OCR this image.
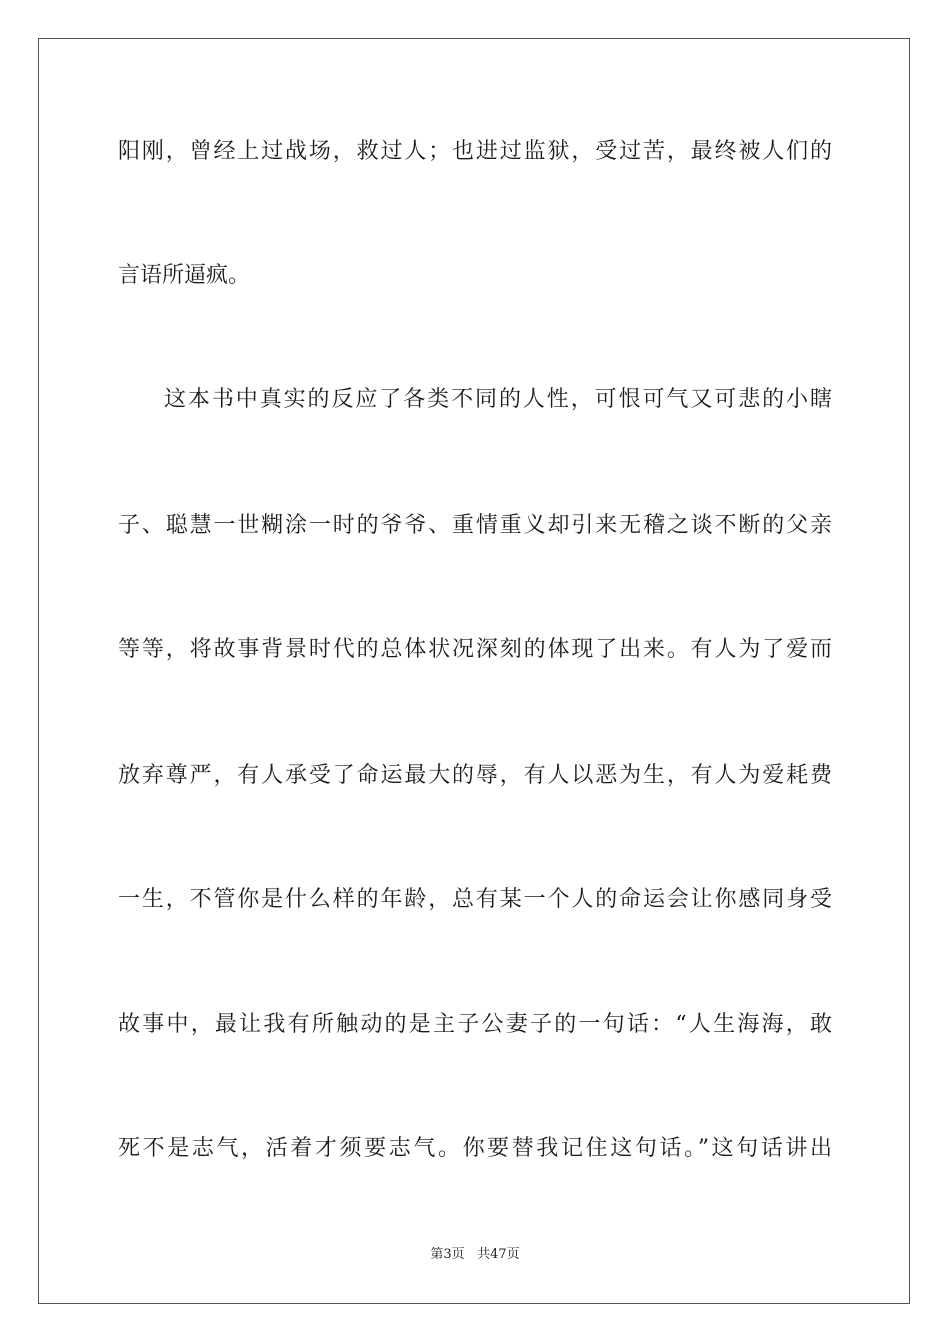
阳刚，曾经上过战场，救过人；也进过监狱，受过苦，最终被人们的
言语所逼疯。
这本书中真实的反应了各类不同的人性，可恨可气又可悲的小瞎
子、聪慧一世糊涂一时的爷爷、重情重义却引来无稽之谈不断的父亲
等等，将故事背景时代的总体状况深刻的体现了出来。有人为了爱而
放弃尊严，有人承受了命运最大的辱，有人以恶为生，有人为爱耗费
一生，不管你是什么样的年龄，总有某一个人的命运会让你感同身受
故事中，最让我有所触动的是主子公妻子的一句话：“人生海海，敢
死不是志气，活着才须要志气。你要替我记住这句话。”这句话讲出
第3页 共47页
